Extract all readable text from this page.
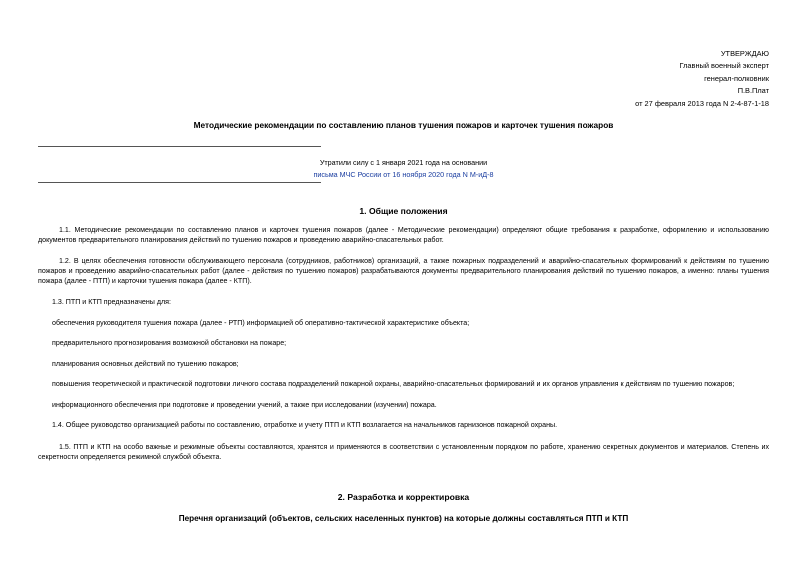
УТВЕРЖДАЮ
Главный военный эксперт
генерал-полковник
П.В.Плат
от 27 февраля 2013 года N 2-4-87-1-18
Методические рекомендации по составлению планов тушения пожаров и карточек тушения пожаров
Утратили силу с 1 января 2021 года на основании
письма МЧС России от 16 ноября 2020 года N М-иД-8
1. Общие положения
1.1. Методические рекомендации по составлению планов и карточек тушения пожаров (далее - Методические рекомендации) определяют общие требования к разработке, оформлению и использованию документов предварительного планирования действий по тушению пожаров и проведению аварийно-спасательных работ.
1.2. В целях обеспечения готовности обслуживающего персонала (сотрудников, работников) организаций, а также пожарных подразделений и аварийно-спасательных формирований к действиям по тушению пожаров и проведению аварийно-спасательных работ (далее - действия по тушению пожаров) разрабатываются документы предварительного планирования действий по тушению пожаров, а именно: планы тушения пожара (далее - ПТП) и карточки тушения пожара (далее - КТП).
1.3. ПТП и КТП предназначены для:
обеспечения руководителя тушения пожара (далее - РТП) информацией об оперативно-тактической характеристике объекта;
предварительного прогнозирования возможной обстановки на пожаре;
планирования основных действий по тушению пожаров;
повышения теоретической и практической подготовки личного состава подразделений пожарной охраны, аварийно-спасательных формирований и их органов управления к действиям по тушению пожаров;
информационного обеспечения при подготовке и проведении учений, а также при исследовании (изучении) пожара.
1.4. Общее руководство организацией работы по составлению, отработке и учету ПТП и КТП возлагается на начальников гарнизонов пожарной охраны.
1.5. ПТП и КТП на особо важные и режимные объекты составляются, хранятся и применяются в соответствии с установленным порядком по работе, хранению секретных документов и материалов. Степень их секретности определяется режимной службой объекта.
2. Разработка и корректировка
Перечня организаций (объектов, сельских населенных пунктов) на которые должны составляться ПТП и КТП
